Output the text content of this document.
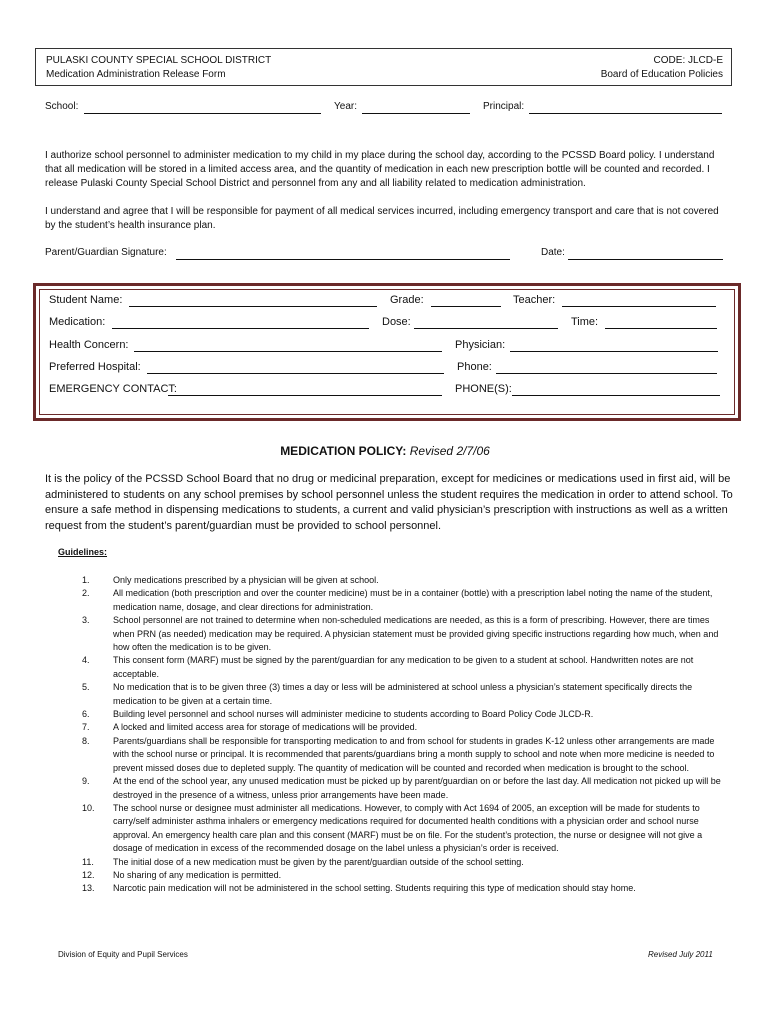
PULASKI COUNTY SPECIAL SCHOOL DISTRICT
Medication Administration Release Form
CODE: JLCD-E
Board of Education Policies
School:	Year:	Principal:
I authorize school personnel to administer medication to my child in my place during the school day, according to the PCSSD Board policy. I understand that all medication will be stored in a limited access area, and the quantity of medication in each new prescription bottle will be counted and recorded. I release Pulaski County Special School District and personnel from any and all liability related to medication administration.
I understand and agree that I will be responsible for payment of all medical services incurred, including emergency transport and care that is not covered by the student’s health insurance plan.
Parent/Guardian Signature:	Date:
Student Name:	Grade:	Teacher:
Medication:	Dose:	Time:
Health Concern:	Physician:
Preferred Hospital:	Phone:
EMERGENCY CONTACT:	PHONE(S):
MEDICATION POLICY: Revised 2/7/06
It is the policy of the PCSSD School Board that no drug or medicinal preparation, except for medicines or medications used in first aid, will be administered to students on any school premises by school personnel unless the student requires the medication in order to attend school. To ensure a safe method in dispensing medications to students, a current and valid physician’s prescription with instructions as well as a written request from the student’s parent/guardian must be provided to school personnel.
Guidelines:
1.	Only medications prescribed by a physician will be given at school.
2.	All medication (both prescription and over the counter medicine) must be in a container (bottle) with a prescription label noting the name of the student, medication name, dosage, and clear directions for administration.
3.	School personnel are not trained to determine when non-scheduled medications are needed, as this is a form of prescribing. However, there are times when PRN (as needed) medication may be required. A physician statement must be provided giving specific instructions regarding how much, when and how often the medication is to be given.
4.	This consent form (MARF) must be signed by the parent/guardian for any medication to be given to a student at school. Handwritten notes are not acceptable.
5.	No medication that is to be given three (3) times a day or less will be administered at school unless a physician’s statement specifically directs the medication to be given at a certain time.
6.	Building level personnel and school nurses will administer medicine to students according to Board Policy Code JLCD-R.
7.	A locked and limited access area for storage of medications will be provided.
8.	Parents/guardians shall be responsible for transporting medication to and from school for students in grades K-12 unless other arrangements are made with the school nurse or principal. It is recommended that parents/guardians bring a month supply to school and note when more medicine is needed to prevent missed doses due to depleted supply. The quantity of medication will be counted and recorded when medication is brought to the school.
9.	At the end of the school year, any unused medication must be picked up by parent/guardian on or before the last day. All medication not picked up will be destroyed in the presence of a witness, unless prior arrangements have been made.
10.	The school nurse or designee must administer all medications. However, to comply with Act 1694 of 2005, an exception will be made for students to carry/self administer asthma inhalers or emergency medications required for documented health conditions with a physician order and school nurse approval. An emergency health care plan and this consent (MARF) must be on file. For the student’s protection, the nurse or designee will not give a dosage of medication in excess of the recommended dosage on the label unless a physician’s order is received.
11.	The initial dose of a new medication must be given by the parent/guardian outside of the school setting.
12.	No sharing of any medication is permitted.
13.	Narcotic pain medication will not be administered in the school setting. Students requiring this type of medication should stay home.
Division of Equity and Pupil Services	Revised July 2011
